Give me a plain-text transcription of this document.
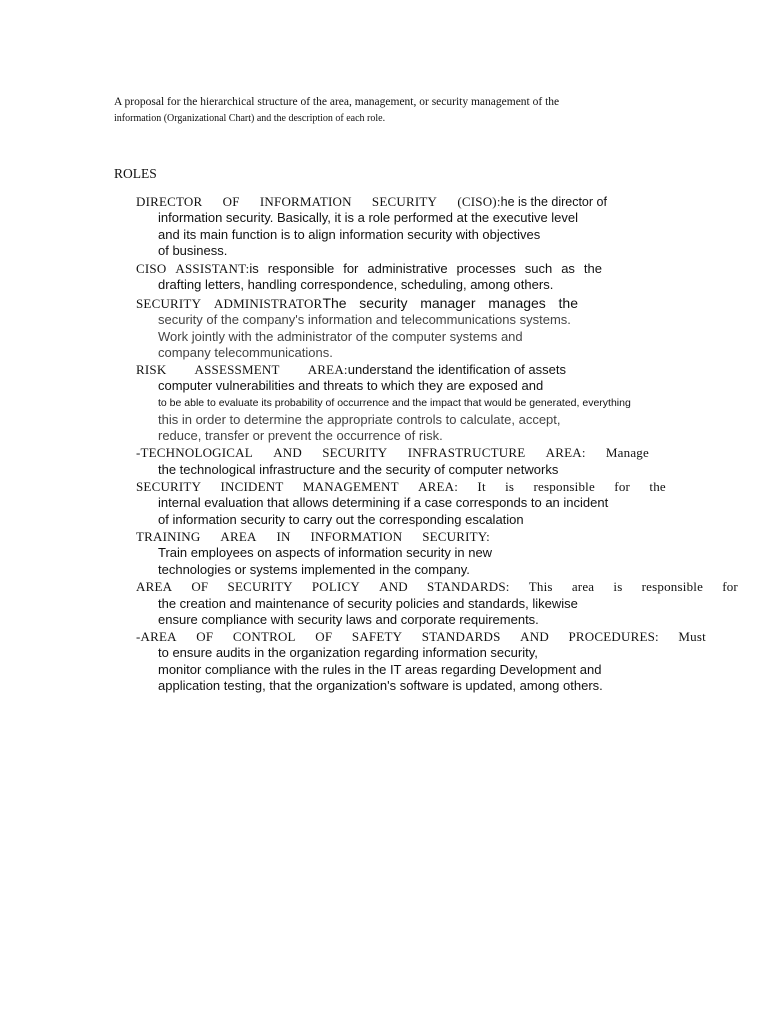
A proposal for the hierarchical structure of the area, management, or security management of the
information (Organizational Chart) and the description of each role.
ROLES
DIRECTOR OF INFORMATION SECURITY (CISO):he is the director of
information security. Basically, it is a role performed at the executive level
and its main function is to align information security with objectives
of business.
CISO ASSISTANT:is responsible for administrative processes such as the
drafting letters, handling correspondence, scheduling, among others.
SECURITY ADMINISTRATORThe security manager manages the
security of the company's information and telecommunications systems.
Work jointly with the administrator of the computer systems and
company telecommunications.
RISK ASSESSMENT AREA:understand the identification of assets
computer vulnerabilities and threats to which they are exposed and
to be able to evaluate its probability of occurrence and the impact that would be generated, everything
this in order to determine the appropriate controls to calculate, accept,
reduce, transfer or prevent the occurrence of risk.
-TECHNOLOGICAL AND SECURITY INFRASTRUCTURE AREA: Manage
the technological infrastructure and the security of computer networks
SECURITY INCIDENT MANAGEMENT AREA: It is responsible for the
internal evaluation that allows determining if a case corresponds to an incident
of information security to carry out the corresponding escalation
TRAINING AREA IN INFORMATION SECURITY:
Train employees on aspects of information security in new
technologies or systems implemented in the company.
AREA OF SECURITY POLICY AND STANDARDS: This area is responsible for
the creation and maintenance of security policies and standards, likewise
ensure compliance with security laws and corporate requirements.
-AREA OF CONTROL OF SAFETY STANDARDS AND PROCEDURES: Must
to ensure audits in the organization regarding information security,
monitor compliance with the rules in the IT areas regarding Development and
application testing, that the organization's software is updated, among others.
